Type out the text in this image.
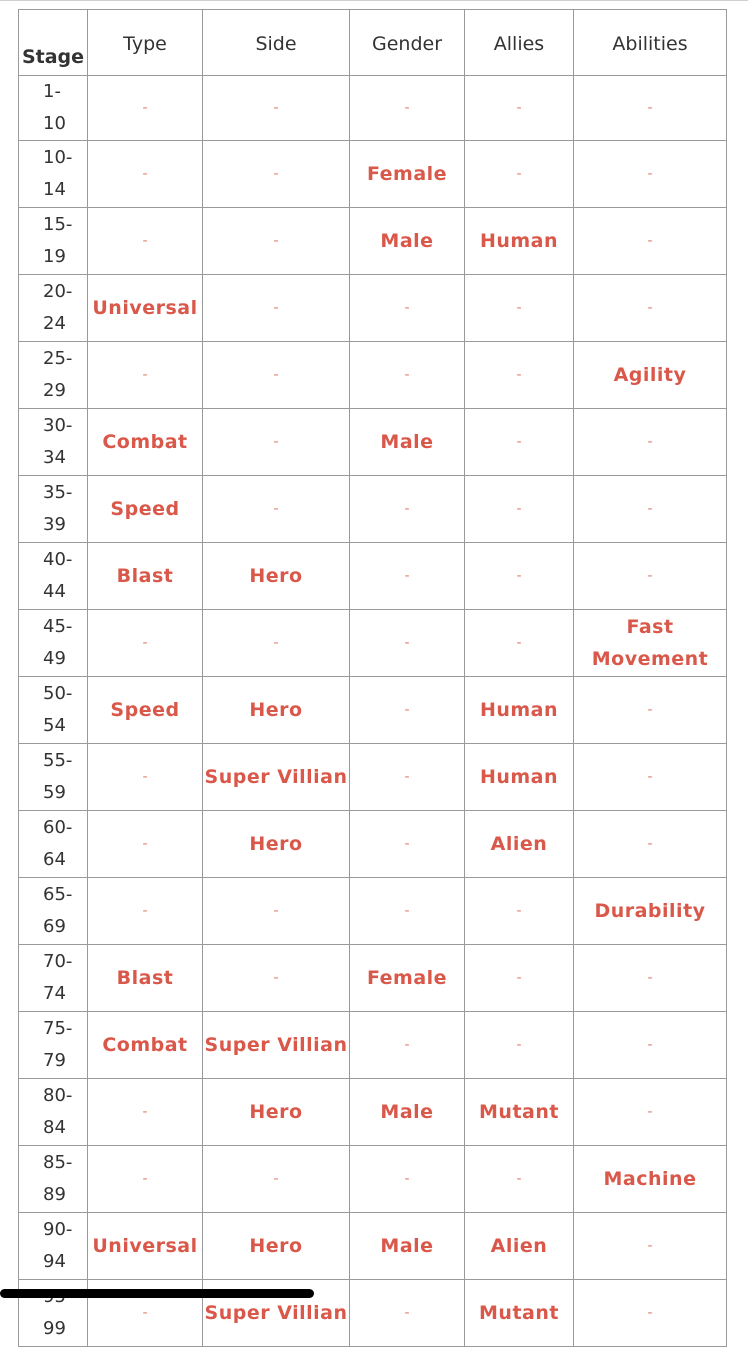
Stage	Type	Side	Gender	Allies	Abilities
1-10	-	-	-	-	-
10-14	-	-	Female	-	-
15-19	-	-	Male	Human	-
20-24	Universal	-	-	-	-
25-29	-	-	-	-	Agility
30-34	Combat	-	Male	-	-
35-39	Speed	-	-	-	-
40-44	Blast	Hero	-	-	-
45-49	-	-	-	-	Fast Movement
50-54	Speed	Hero	-	Human	-
55-59	-	Super Villian	-	Human	-
60-64	-	Hero	-	Alien	-
65-69	-	-	-	-	Durability
70-74	Blast	-	Female	-	-
75-79	Combat	Super Villian	-	-	-
80-84	-	Hero	Male	Mutant	-
85-89	-	-	-	-	Machine
90-94	Universal	Hero	Male	Alien	-
99	-	Super Villian	-	Mutant	-
